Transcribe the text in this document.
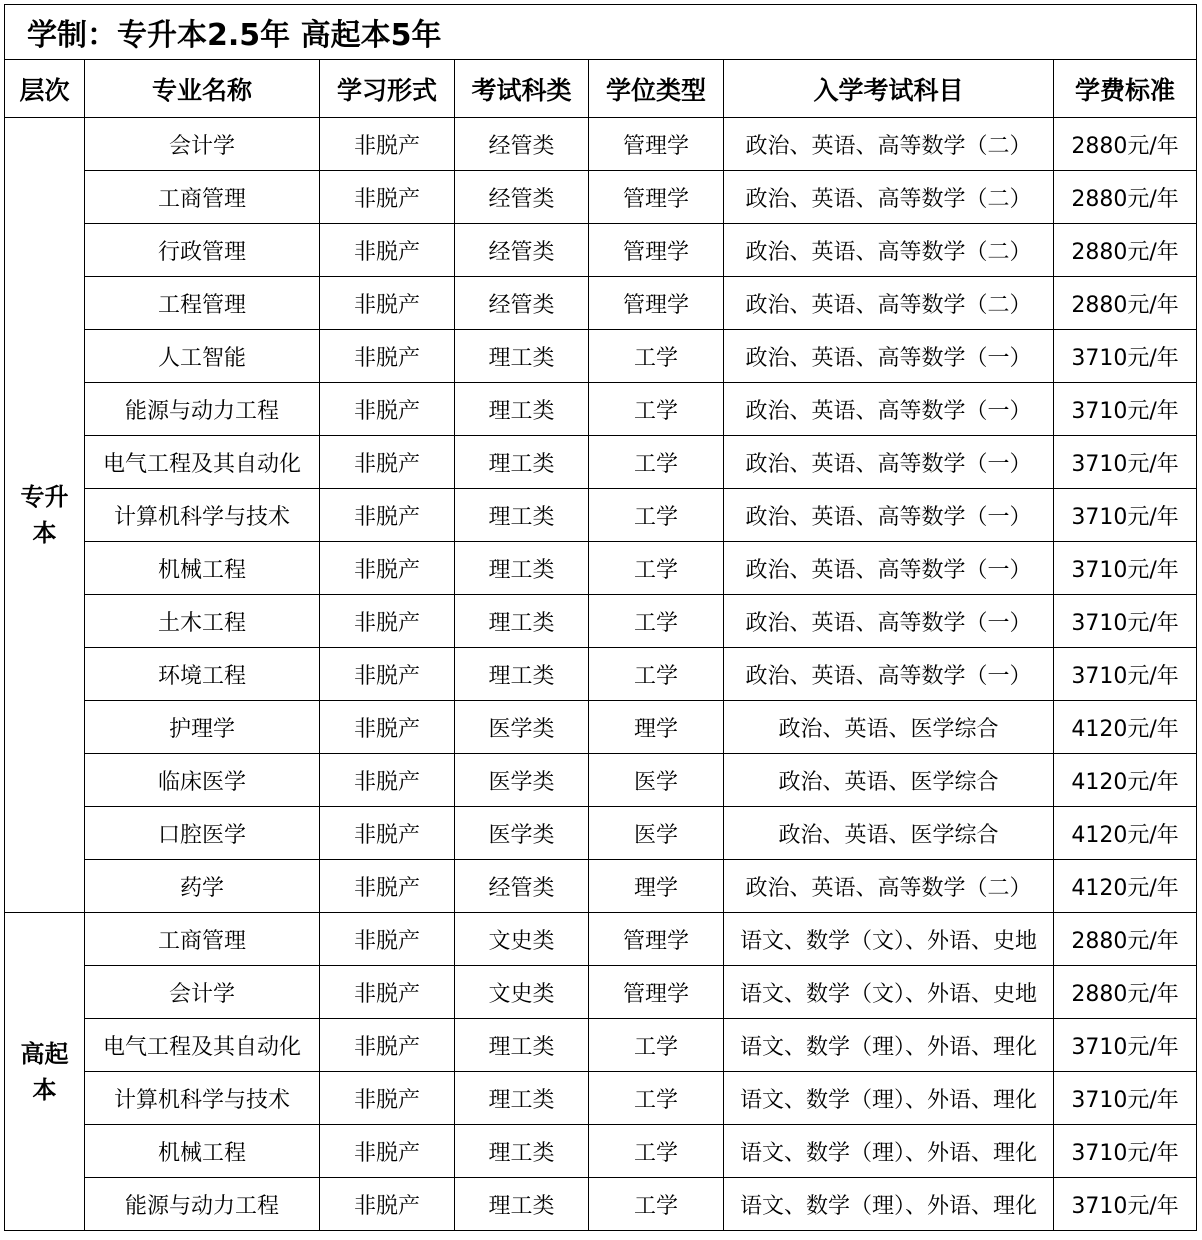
学制：专升本2.5年 高起本5年						
层次	专业名称	学习形式	考试科类	学位类型	入学考试科目	学费标准

专升
本	会计学	非脱产	经管类	管理学	政治、英语、高等数学（二）	2880元/年
	工商管理	非脱产	经管类	管理学	政治、英语、高等数学（二）	2880元/年
	行政管理	非脱产	经管类	管理学	政治、英语、高等数学（二）	2880元/年
	工程管理	非脱产	经管类	管理学	政治、英语、高等数学（二）	2880元/年
	人工智能	非脱产	理工类	工学	政治、英语、高等数学（一）	3710元/年
	能源与动力工程	非脱产	理工类	工学	政治、英语、高等数学（一）	3710元/年
	电气工程及其自动化	非脱产	理工类	工学	政治、英语、高等数学（一）	3710元/年
	计算机科学与技术	非脱产	理工类	工学	政治、英语、高等数学（一）	3710元/年
	机械工程	非脱产	理工类	工学	政治、英语、高等数学（一）	3710元/年
	土木工程	非脱产	理工类	工学	政治、英语、高等数学（一）	3710元/年
	环境工程	非脱产	理工类	工学	政治、英语、高等数学（一）	3710元/年
	护理学	非脱产	医学类	理学	政治、英语、医学综合	4120元/年
	临床医学	非脱产	医学类	医学	政治、英语、医学综合	4120元/年
	口腔医学	非脱产	医学类	医学	政治、英语、医学综合	4120元/年
	药学	非脱产	经管类	理学	政治、英语、高等数学（二）	4120元/年

高起
本	工商管理	非脱产	文史类	管理学	语文、数学（文）、外语、史地	2880元/年
	会计学	非脱产	文史类	管理学	语文、数学（文）、外语、史地	2880元/年
	电气工程及其自动化	非脱产	理工类	工学	语文、数学（理）、外语、理化	3710元/年
	计算机科学与技术	非脱产	理工类	工学	语文、数学（理）、外语、理化	3710元/年
	机械工程	非脱产	理工类	工学	语文、数学（理）、外语、理化	3710元/年
	能源与动力工程	非脱产	理工类	工学	语文、数学（理）、外语、理化	3710元/年
